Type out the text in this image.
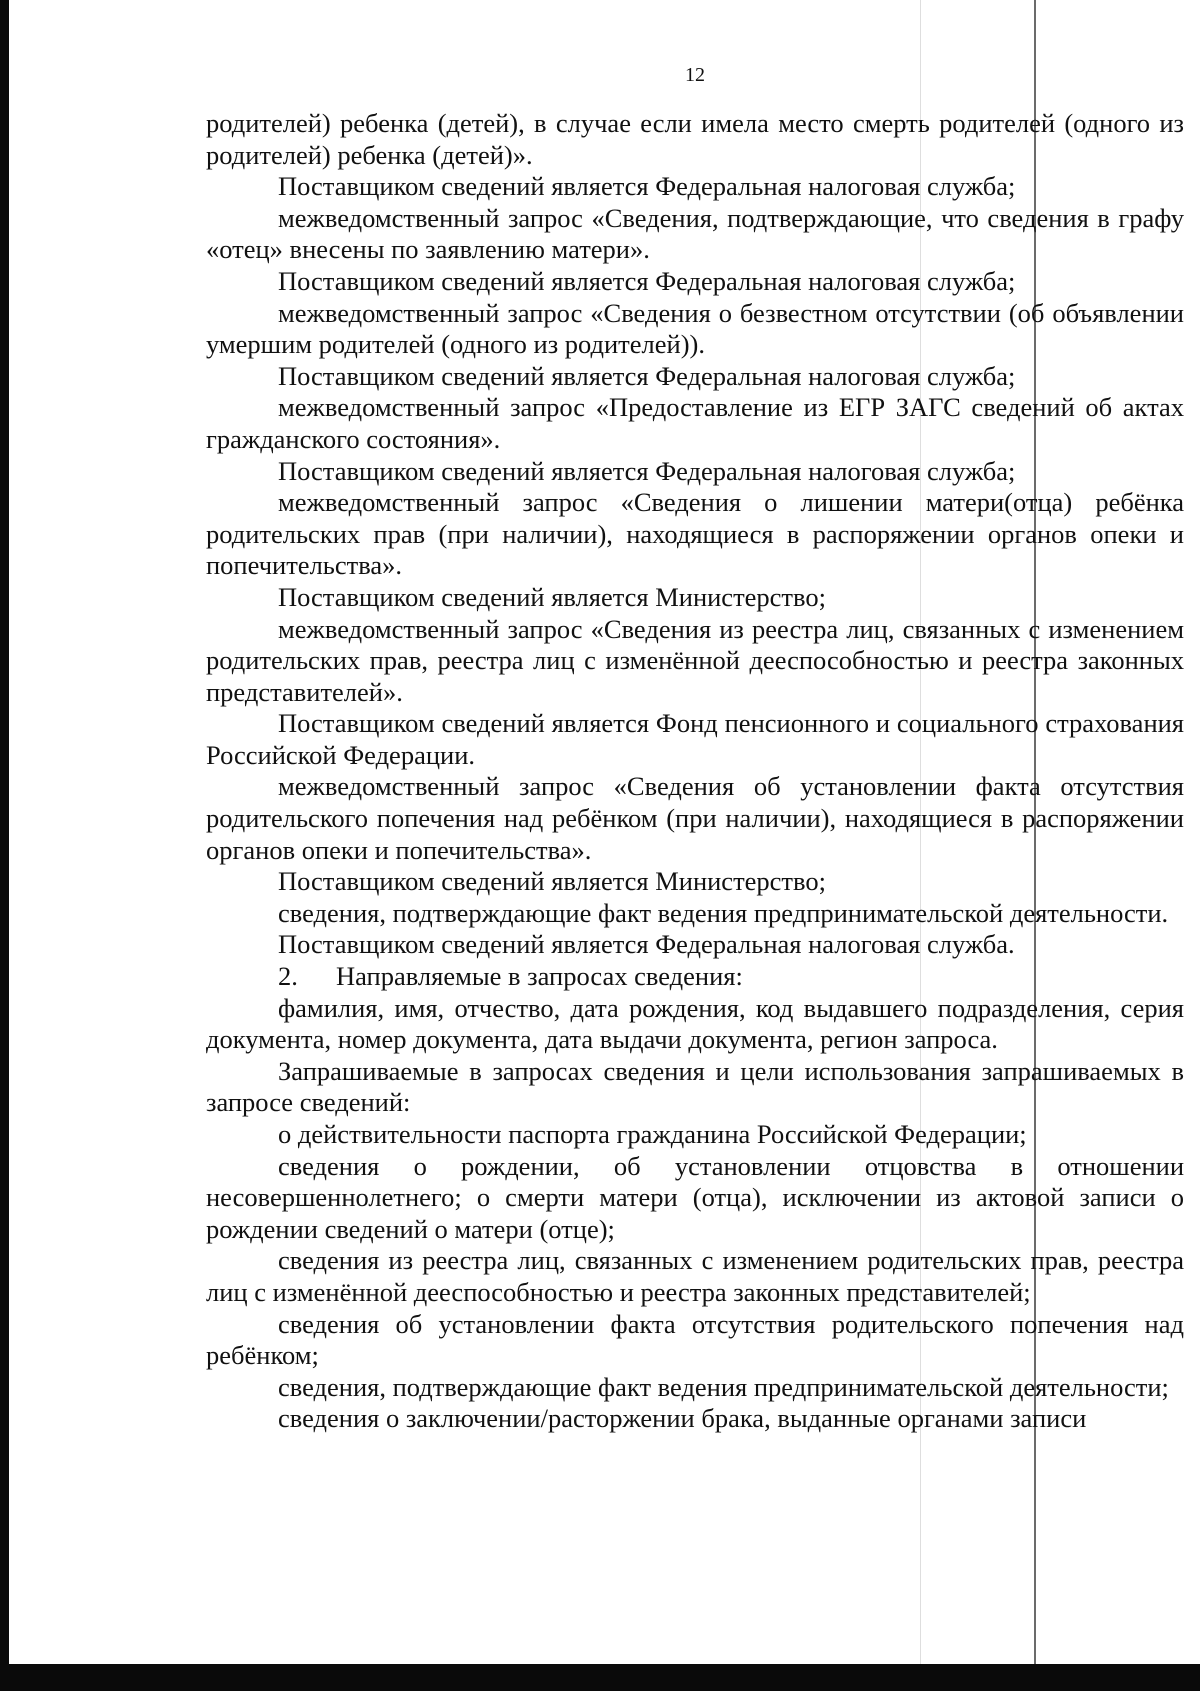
12

родителей) ребенка (детей), в случае если имела место смерть родителей (одного из родителей) ребенка (детей)».

Поставщиком сведений является Федеральная налоговая служба;

межведомственный запрос «Сведения, подтверждающие, что сведения в графу «отец» внесены по заявлению матери».

Поставщиком сведений является Федеральная налоговая служба;

межведомственный запрос «Сведения о безвестном отсутствии (об объявлении умершим родителей (одного из родителей)).

Поставщиком сведений является Федеральная налоговая служба;

межведомственный запрос «Предоставление из ЕГР ЗАГС сведений об актах гражданского состояния».

Поставщиком сведений является Федеральная налоговая служба;

межведомственный запрос «Сведения о лишении матери(отца) ребёнка родительских прав (при наличии), находящиеся в распоряжении органов опеки и попечительства».

Поставщиком сведений является Министерство;

межведомственный запрос «Сведения из реестра лиц, связанных с изменением родительских прав, реестра лиц с изменённой дееспособностью и реестра законных представителей».

Поставщиком сведений является Фонд пенсионного и социального страхования Российской Федерации.

межведомственный запрос «Сведения об установлении факта отсутствия родительского попечения над ребёнком (при наличии), находящиеся в распоряжении органов опеки и попечительства».

Поставщиком сведений является Министерство;

сведения, подтверждающие факт ведения предпринимательской деятельности.

Поставщиком сведений является Федеральная налоговая служба.

2. Направляемые в запросах сведения:

фамилия, имя, отчество, дата рождения, код выдавшего подразделения, серия документа, номер документа, дата выдачи документа, регион запроса.

Запрашиваемые в запросах сведения и цели использования запрашиваемых в запросе сведений:

о действительности паспорта гражданина Российской Федерации;

сведения о рождении, об установлении отцовства в отношении несовершеннолетнего; о смерти матери (отца), исключении из актовой записи о рождении сведений о матери (отце);

сведения из реестра лиц, связанных с изменением родительских прав, реестра лиц с изменённой дееспособностью и реестра законных представителей;

сведения об установлении факта отсутствия родительского попечения над ребёнком;

сведения, подтверждающие факт ведения предпринимательской деятельности;

сведения о заключении/расторжении брака, выданные органами записи
